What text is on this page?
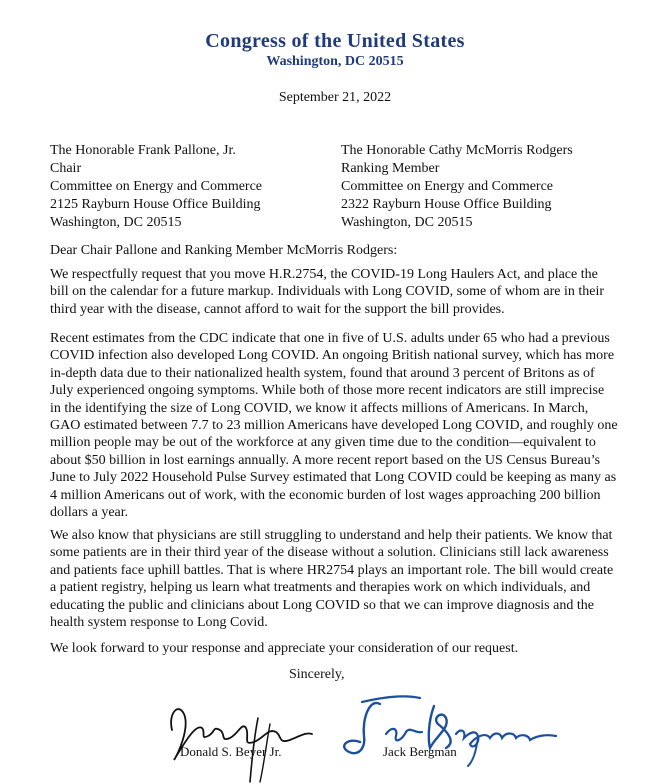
Congress of the United States
Washington, DC 20515
September 21, 2022
The Honorable Frank Pallone, Jr.
Chair
Committee on Energy and Commerce
2125 Rayburn House Office Building
Washington, DC 20515
The Honorable Cathy McMorris Rodgers
Ranking Member
Committee on Energy and Commerce
2322 Rayburn House Office Building
Washington, DC 20515
Dear Chair Pallone and Ranking Member McMorris Rodgers:

We respectfully request that you move H.R.2754, the COVID-19 Long Haulers Act, and place the bill on the calendar for a future markup. Individuals with Long COVID, some of whom are in their third year with the disease, cannot afford to wait for the support the bill provides.

Recent estimates from the CDC indicate that one in five of U.S. adults under 65 who had a previous COVID infection also developed Long COVID. An ongoing British national survey, which has more in-depth data due to their nationalized health system, found that around 3 percent of Britons as of July experienced ongoing symptoms. While both of those more recent indicators are still imprecise in the identifying the size of Long COVID, we know it affects millions of Americans. In March, GAO estimated between 7.7 to 23 million Americans have developed Long COVID, and roughly one million people may be out of the workforce at any given time due to the condition—equivalent to about $50 billion in lost earnings annually. A more recent report based on the US Census Bureau’s June to July 2022 Household Pulse Survey estimated that Long COVID could be keeping as many as 4 million Americans out of work, with the economic burden of lost wages approaching 200 billion dollars a year.

We also know that physicians are still struggling to understand and help their patients. We know that some patients are in their third year of the disease without a solution. Clinicians still lack awareness and patients face uphill battles. That is where HR2754 plays an important role. The bill would create a patient registry, helping us learn what treatments and therapies work on which individuals, and educating the public and clinicians about Long COVID so that we can improve diagnosis and the health system response to Long Covid.

We look forward to your response and appreciate your consideration of our request.

Sincerely,
Donald S. Beyer Jr.	Jack Bergman
